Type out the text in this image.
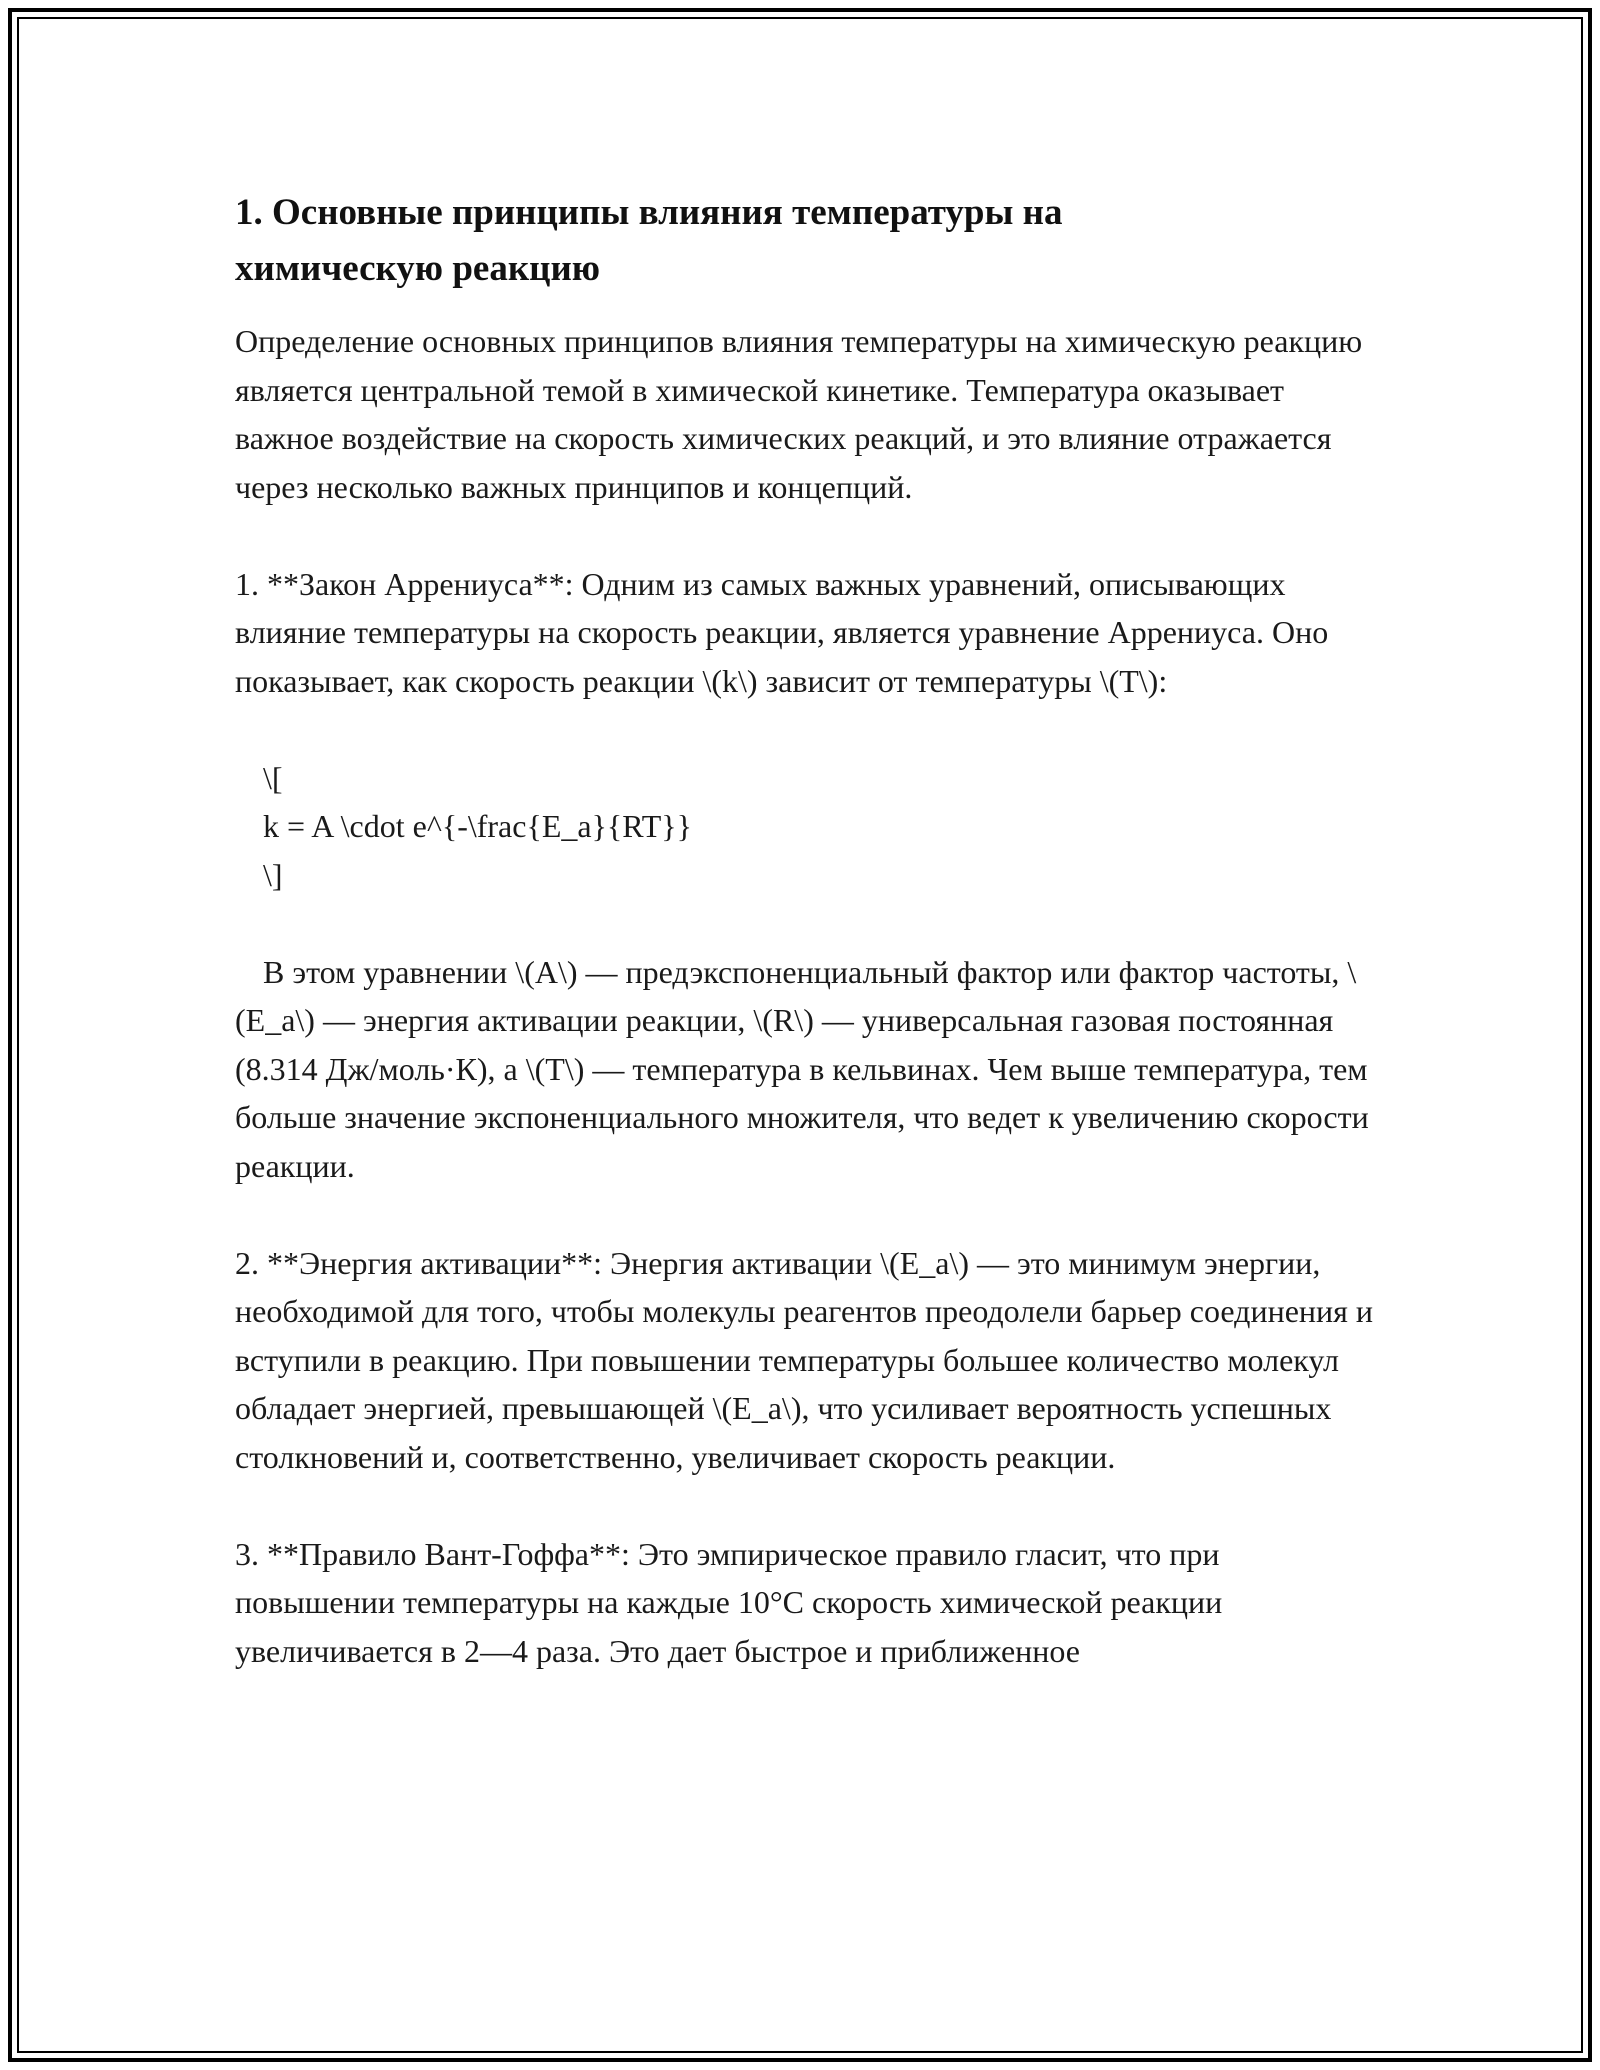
1. Основные принципы влияния температуры на
химическую реакцию

Определение основных принципов влияния температуры на химическую реакцию является центральной темой в химической кинетике. Температура оказывает важное воздействие на скорость химических реакций, и это влияние отражается через несколько важных принципов и концепций.

1. **Закон Аррениуса**: Одним из самых важных уравнений, описывающих влияние температуры на скорость реакции, является уравнение Аррениуса. Оно показывает, как скорость реакции \(k\) зависит от температуры \(T\):

\[
k = A \cdot e^{-\frac{E_a}{RT}}
\]

В этом уравнении \(A\) — предэкспоненциальный фактор или фактор частоты, \(E_a\) — энергия активации реакции, \(R\) — универсальная газовая постоянная (8.314 Дж/моль·К), а \(T\) — температура в кельвинах. Чем выше температура, тем больше значение экспоненциального множителя, что ведет к увеличению скорости реакции.

2. **Энергия активации**: Энергия активации \(E_a\) — это минимум энергии, необходимой для того, чтобы молекулы реагентов преодолели барьер соединения и вступили в реакцию. При повышении температуры большее количество молекул обладает энергией, превышающей \(E_a\), что усиливает вероятность успешных столкновений и, соответственно, увеличивает скорость реакции.

3. **Правило Вант-Гоффа**: Это эмпирическое правило гласит, что при повышении температуры на каждые 10°C скорость химической реакции увеличивается в 2—4 раза. Это дает быстрое и приближенное
